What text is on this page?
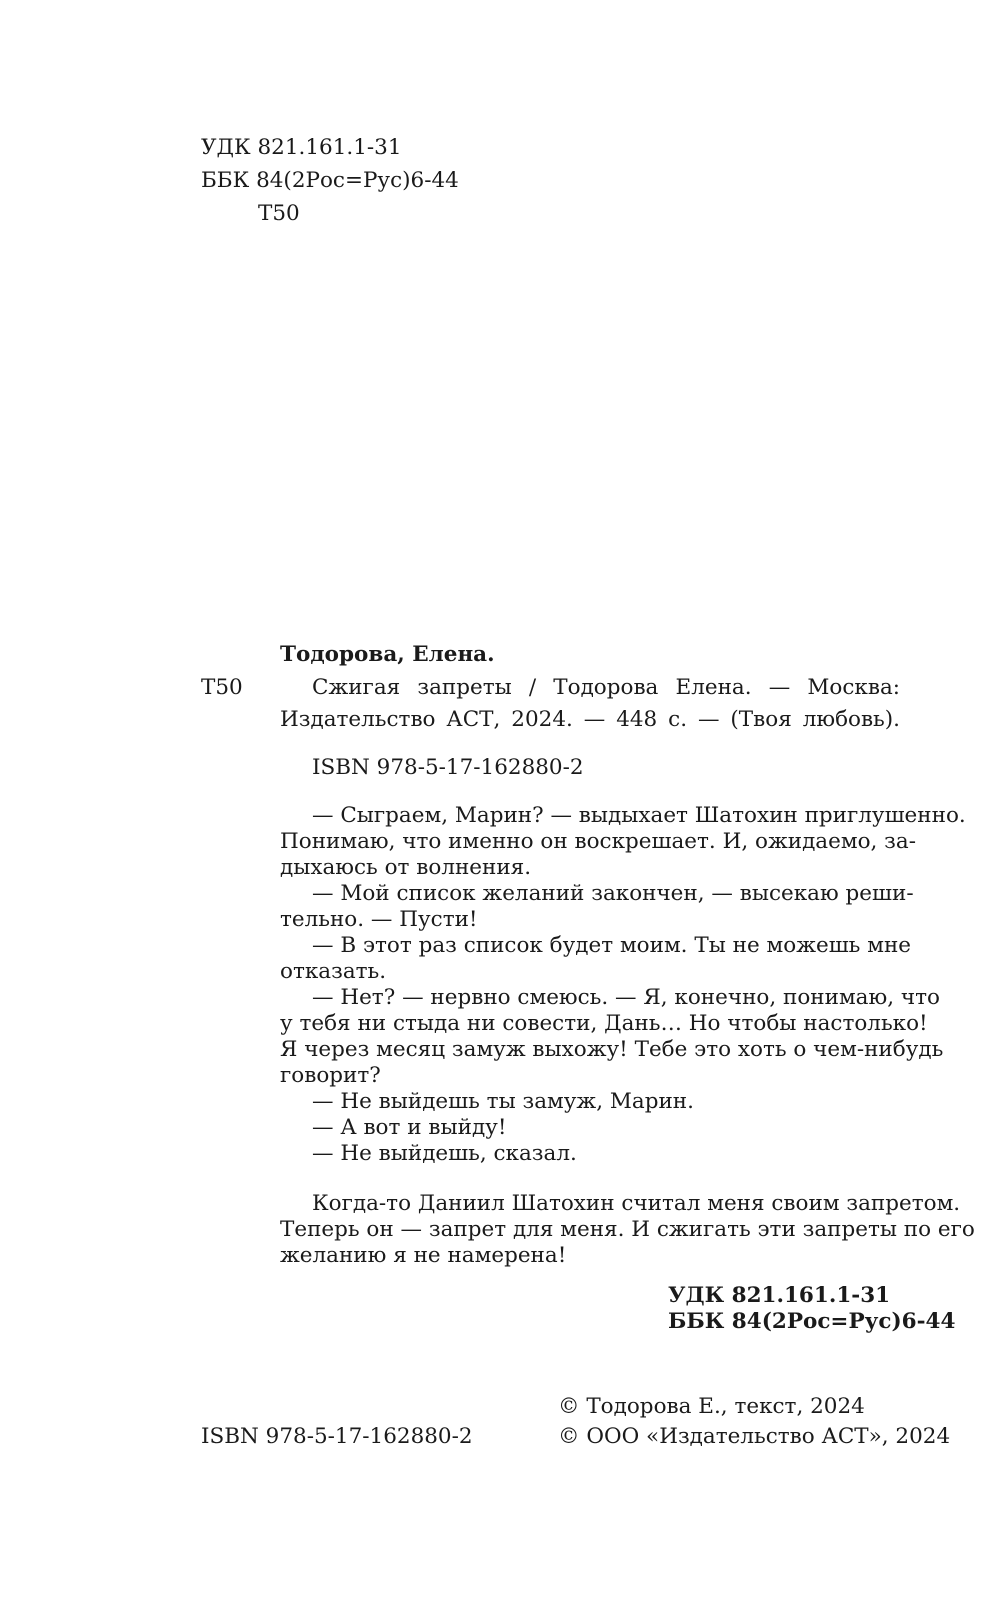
УДК 821.161.1-31
ББК 84(2Рос=Рус)6-44
Т50
Тодорова, Елена.
Т50	Сжигая запреты / Тодорова Елена. — Москва:
Издательство АСТ, 2024. — 448 с. — (Твоя любовь).
ISBN 978-5-17-162880-2
— Сыграем, Марин? — выдыхает Шатохин приглушенно.
Понимаю, что именно он воскрешает. И, ожидаемо, за-
дыхаюсь от волнения.
— Мой список желаний закончен, — высекаю реши-
тельно. — Пусти!
— В этот раз список будет моим. Ты не можешь мне
отказать.
— Нет? — нервно смеюсь. — Я, конечно, понимаю, что
у тебя ни стыда ни совести, Дань… Но чтобы настолько!
Я через месяц замуж выхожу! Тебе это хоть о чем-нибудь
говорит?
— Не выйдешь ты замуж, Марин.
— А вот и выйду!
— Не выйдешь, сказал.
Когда-то Даниил Шатохин считал меня своим запретом.
Теперь он — запрет для меня. И сжигать эти запреты по его
желанию я не намерена!
УДК 821.161.1-31
ББК 84(2Рос=Рус)6-44
© Тодорова Е., текст, 2024
ISBN 978-5-17-162880-2	© ООО «Издательство АСТ», 2024
